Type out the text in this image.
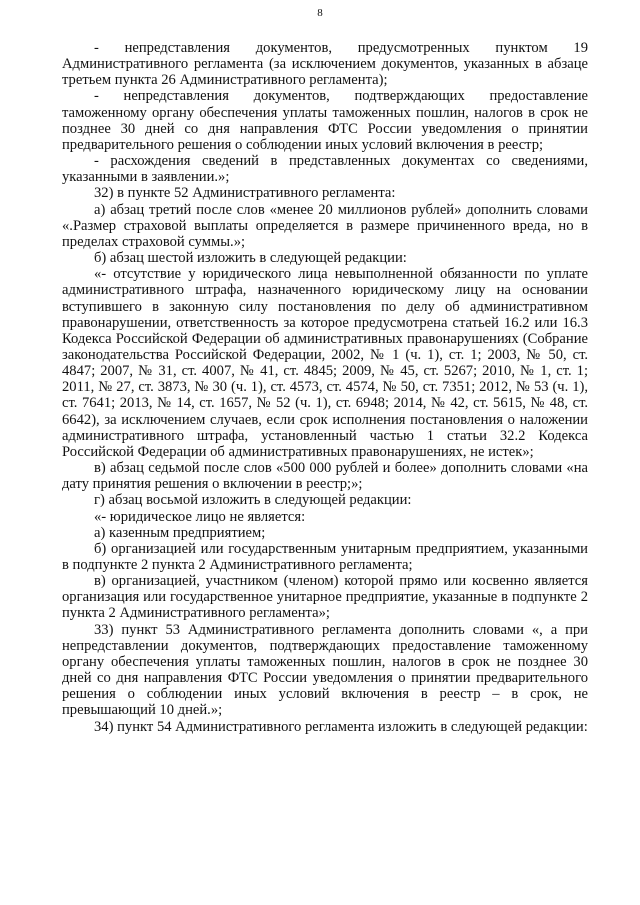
8

- непредставления документов, предусмотренных пунктом 19 Административного регламента (за исключением документов, указанных в абзаце третьем пункта 26 Административного регламента);

- непредставления документов, подтверждающих предоставление таможенному органу обеспечения уплаты таможенных пошлин, налогов в срок не позднее 30 дней со дня направления ФТС России уведомления о принятии предварительного решения о соблюдении иных условий включения в реестр;

- расхождения сведений в представленных документах со сведениями, указанными в заявлении.»;

32) в пункте 52 Административного регламента:

а) абзац третий после слов «менее 20 миллионов рублей» дополнить словами «.Размер страховой выплаты определяется в размере причиненного вреда, но в пределах страховой суммы.»;

б) абзац шестой изложить в следующей редакции:

«- отсутствие у юридического лица невыполненной обязанности по уплате административного штрафа, назначенного юридическому лицу на основании вступившего в законную силу постановления по делу об административном правонарушении, ответственность за которое предусмотрена статьей 16.2 или 16.3 Кодекса Российской Федерации об административных правонарушениях (Собрание законодательства Российской Федерации, 2002, № 1 (ч. 1), ст. 1; 2003, № 50, ст. 4847; 2007, № 31, ст. 4007, № 41, ст. 4845; 2009, № 45, ст. 5267; 2010, № 1, ст. 1; 2011, № 27, ст. 3873, № 30 (ч. 1), ст. 4573, ст. 4574, № 50, ст. 7351; 2012, № 53 (ч. 1), ст. 7641; 2013, № 14, ст. 1657, № 52 (ч. 1), ст. 6948; 2014, № 42, ст. 5615, № 48, ст. 6642), за исключением случаев, если срок исполнения постановления о наложении административного штрафа, установленный частью 1 статьи 32.2 Кодекса Российской Федерации об административных правонарушениях, не истек»;

в) абзац седьмой после слов «500 000 рублей и более» дополнить словами «на дату принятия решения о включении в реестр;»;

г) абзац восьмой изложить в следующей редакции:

«- юридическое лицо не является:

а) казенным предприятием;

б) организацией или государственным унитарным предприятием, указанными в подпункте 2 пункта 2 Административного регламента;

в) организацией, участником (членом) которой прямо или косвенно является организация или государственное унитарное предприятие, указанные в подпункте 2 пункта 2 Административного регламента»;

33) пункт 53 Административного регламента дополнить словами «, а при непредставлении документов, подтверждающих предоставление таможенному органу обеспечения уплаты таможенных пошлин, налогов в срок не позднее 30 дней со дня направления ФТС России уведомления о принятии предварительного решения о соблюдении иных условий включения в реестр – в срок, не превышающий 10 дней.»;

34) пункт 54 Административного регламента изложить в следующей редакции:
